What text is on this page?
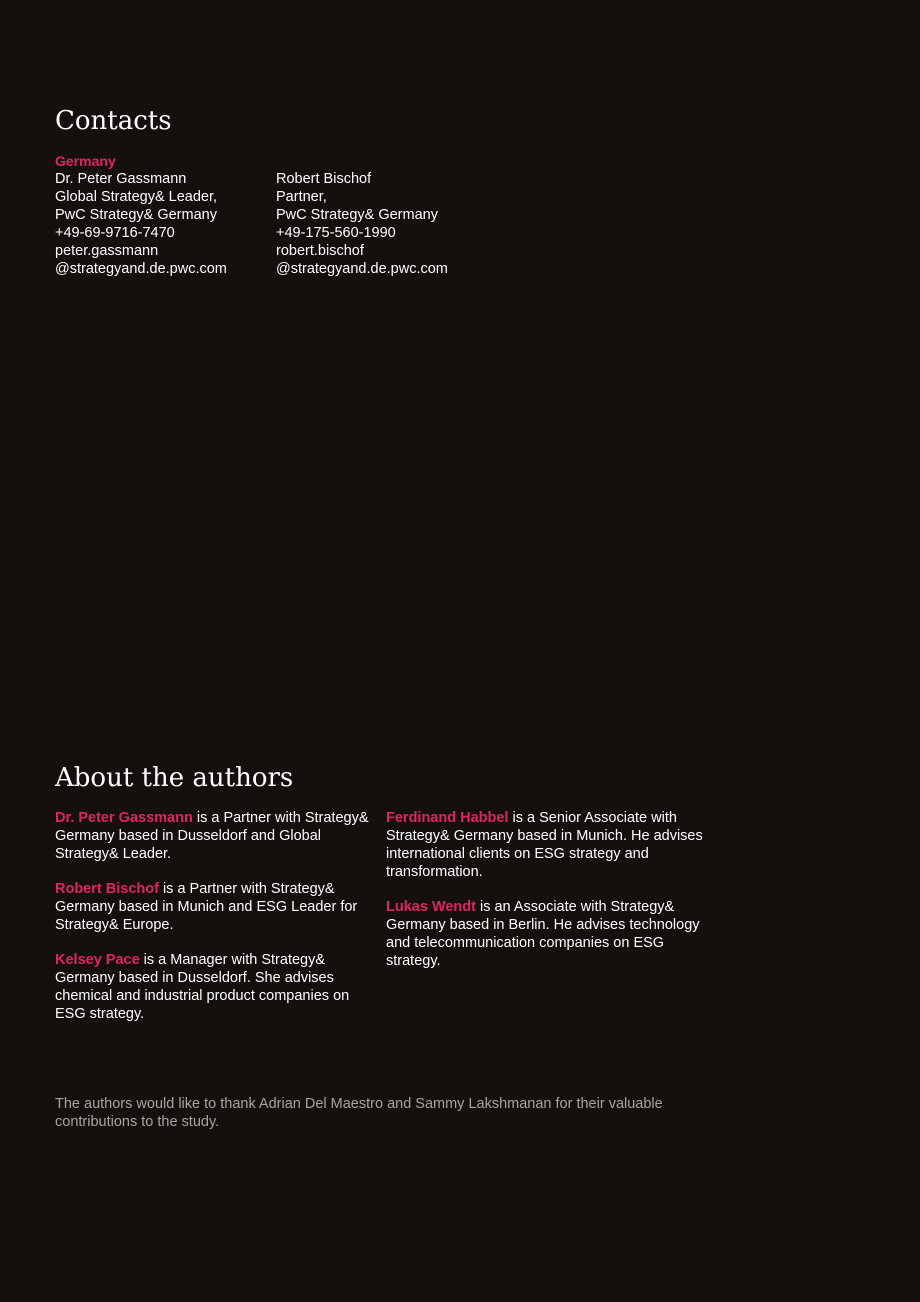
Contacts
Germany
Dr. Peter Gassmann
Global Strategy& Leader,
PwC Strategy& Germany
+49-69-9716-7470
peter.gassmann
@strategyand.de.pwc.com
Robert Bischof
Partner,
PwC Strategy& Germany
+49-175-560-1990
robert.bischof
@strategyand.de.pwc.com
About the authors

Dr. Peter Gassmann is a Partner with Strategy& Germany based in Dusseldorf and Global Strategy& Leader.

Robert Bischof is a Partner with Strategy& Germany based in Munich and ESG Leader for Strategy& Europe.

Kelsey Pace is a Manager with Strategy& Germany based in Dusseldorf. She advises chemical and industrial product companies on ESG strategy.

Ferdinand Habbel is a Senior Associate with Strategy& Germany based in Munich. He advises international clients on ESG strategy and transformation.

Lukas Wendt is an Associate with Strategy& Germany based in Berlin. He advises technology and telecommunication companies on ESG strategy.

The authors would like to thank Adrian Del Maestro and Sammy Lakshmanan for their valuable contributions to the study.
